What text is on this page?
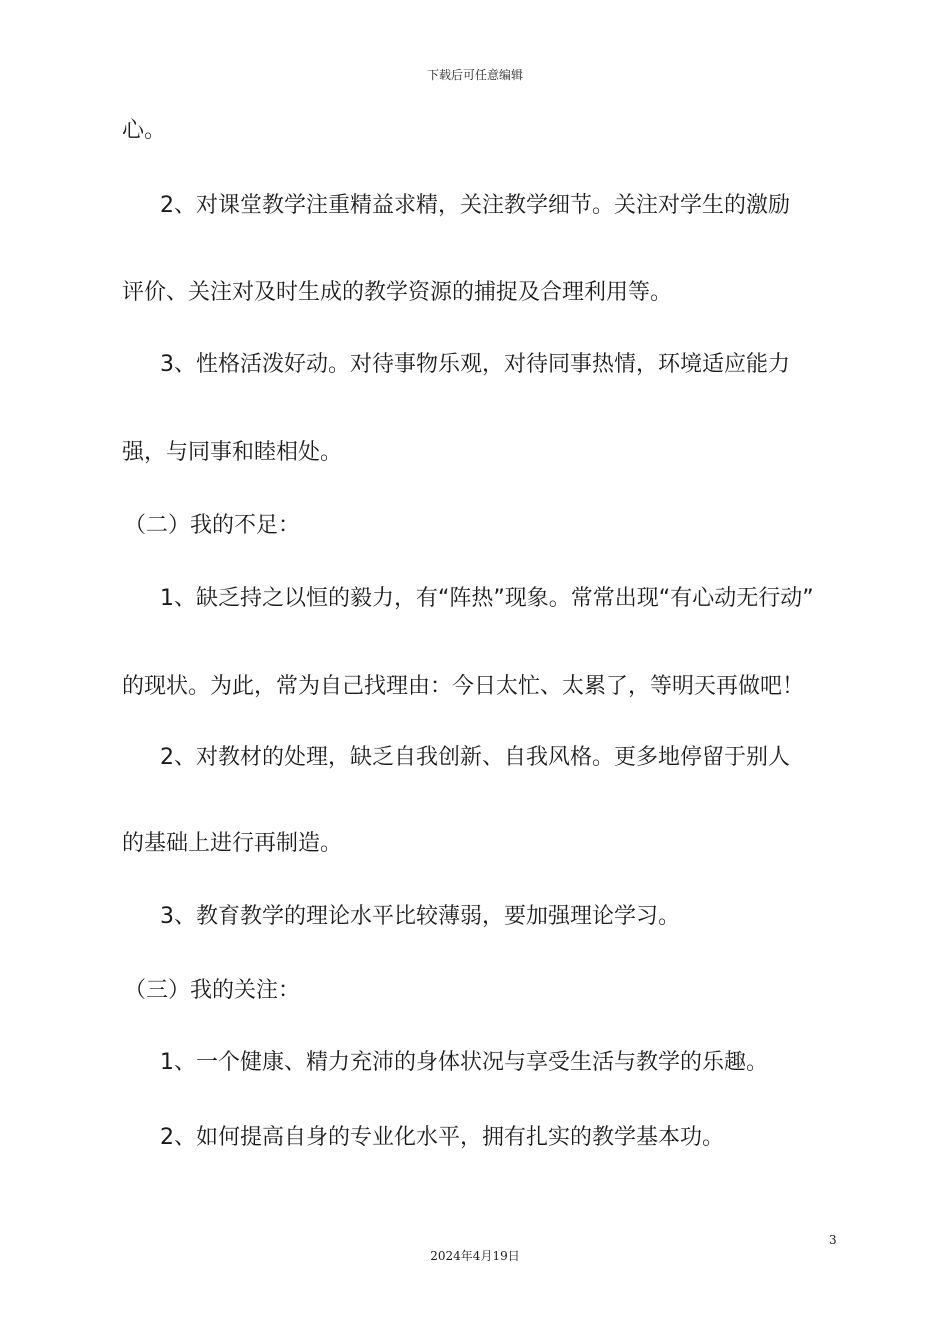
下载后可任意编辑
心。
2、对课堂教学注重精益求精，关注教学细节。关注对学生的激励
评价、关注对及时生成的教学资源的捕捉及合理利用等。
3、性格活泼好动。对待事物乐观，对待同事热情，环境适应能力
强，与同事和睦相处。
（二）我的不足：
1、缺乏持之以恒的毅力，有“阵热”现象。常常出现“有心动无行动”
的现状。为此，常为自己找理由：今日太忙、太累了，等明天再做吧！
2、对教材的处理，缺乏自我创新、自我风格。更多地停留于别人
的基础上进行再制造。
3、教育教学的理论水平比较薄弱，要加强理论学习。
（三）我的关注：
1、一个健康、精力充沛的身体状况与享受生活与教学的乐趣。
2、如何提高自身的专业化水平，拥有扎实的教学基本功。
3
2024年4月19日
